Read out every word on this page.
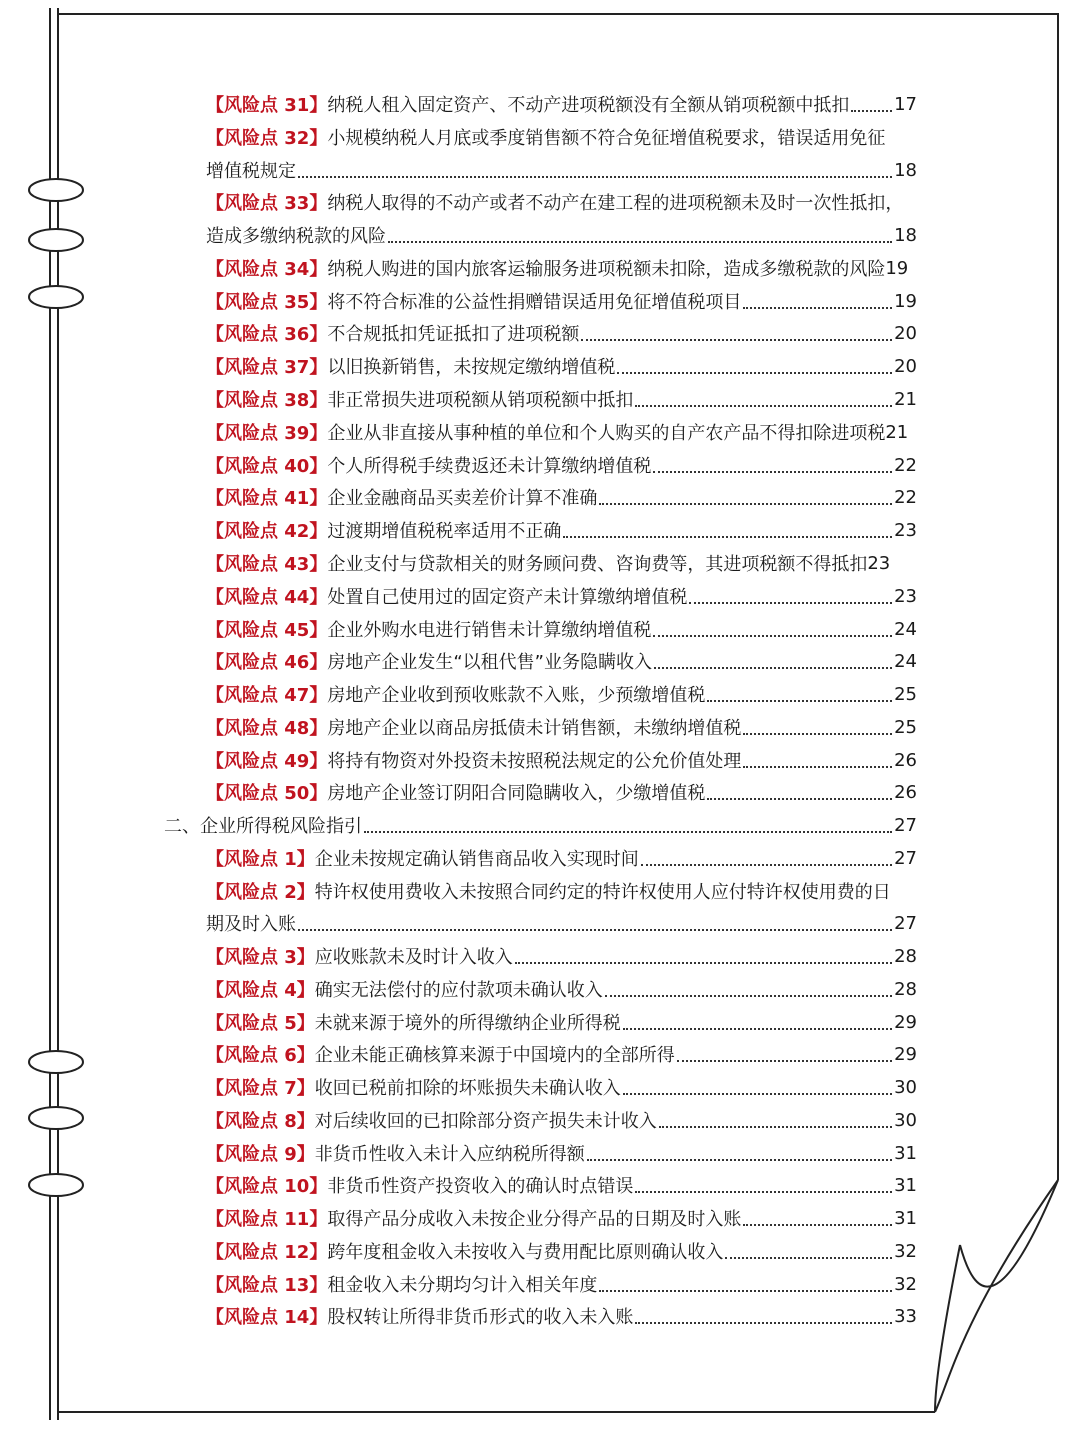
【风险点 31】 纳税人租入固定资产、不动产进项税额没有全额从销项税额中抵扣 17
【风险点 32】 小规模纳税人月底或季度销售额不符合免征增值税要求，错误适用免征
增值税规定	18
【风险点 33】 纳税人取得的不动产或者不动产在建工程的进项税额未及时一次性抵扣，
造成多缴纳税款的风险	18
【风险点 34】 纳税人购进的国内旅客运输服务进项税额未扣除，造成多缴税款的风险 19
【风险点 35】 将不符合标准的公益性捐赠错误适用免征增值税项目	19
【风险点 36】 不合规抵扣凭证抵扣了进项税额	20
【风险点 37】 以旧换新销售，未按规定缴纳增值税	20
【风险点 38】 非正常损失进项税额从销项税额中抵扣	21
【风险点 39】 企业从非直接从事种植的单位和个人购买的自产农产品不得扣除进项税 21
【风险点 40】 个人所得税手续费返还未计算缴纳增值税	22
【风险点 41】 企业金融商品买卖差价计算不准确	22
【风险点 42】 过渡期增值税税率适用不正确	23
【风险点 43】 企业支付与贷款相关的财务顾问费、咨询费等，其进项税额不得抵扣 23
【风险点 44】 处置自己使用过的固定资产未计算缴纳增值税	23
【风险点 45】 企业外购水电进行销售未计算缴纳增值税	24
【风险点 46】 房地产企业发生“以租代售”业务隐瞒收入	24
【风险点 47】 房地产企业收到预收账款不入账，少预缴增值税	25
【风险点 48】 房地产企业以商品房抵债未计销售额，未缴纳增值税	25
【风险点 49】 将持有物资对外投资未按照税法规定的公允价值处理	26
【风险点 50】 房地产企业签订阴阳合同隐瞒收入，少缴增值税	26
二、企业所得税风险指引	27
【风险点 1】 企业未按规定确认销售商品收入实现时间	27
【风险点 2】 特许权使用费收入未按照合同约定的特许权使用人应付特许权使用费的日
期及时入账	27
【风险点 3】 应收账款未及时计入收入	28
【风险点 4】 确实无法偿付的应付款项未确认收入	28
【风险点 5】 未就来源于境外的所得缴纳企业所得税	29
【风险点 6】 企业未能正确核算来源于中国境内的全部所得	29
【风险点 7】 收回已税前扣除的坏账损失未确认收入	30
【风险点 8】 对后续收回的已扣除部分资产损失未计收入	30
【风险点 9】 非货币性收入未计入应纳税所得额	31
【风险点 10】 非货币性资产投资收入的确认时点错误	31
【风险点 11】 取得产品分成收入未按企业分得产品的日期及时入账	31
【风险点 12】 跨年度租金收入未按收入与费用配比原则确认收入	32
【风险点 13】 租金收入未分期均匀计入相关年度	32
【风险点 14】 股权转让所得非货币形式的收入未入账	33
